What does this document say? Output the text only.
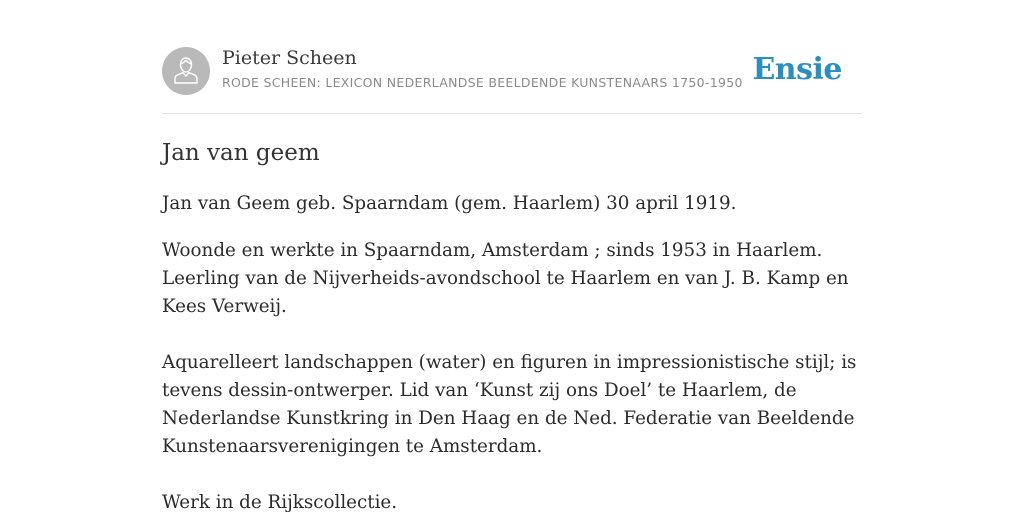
Pieter Scheen
RODE SCHEEN: LEXICON NEDERLANDSE BEELDENDE KUNSTENAARS 1750-1950 Ensie
Jan van geem

Jan van Geem geb. Spaarndam (gem. Haarlem) 30 april 1919.

Woonde en werkte in Spaarndam, Amsterdam ; sinds 1953 in Haarlem. Leerling van de Nijverheids-avondschool te Haarlem en van J. B. Kamp en Kees Verweij.

Aquarelleert landschappen (water) en figuren in impressionistische stijl; is tevens dessin-ontwerper. Lid van ‘Kunst zij ons Doel’ te Haarlem, de Nederlandse Kunstkring in Den Haag en de Ned. Federatie van Beeldende Kunstenaarsverenigingen te Amsterdam.

Werk in de Rijkscollectie.
